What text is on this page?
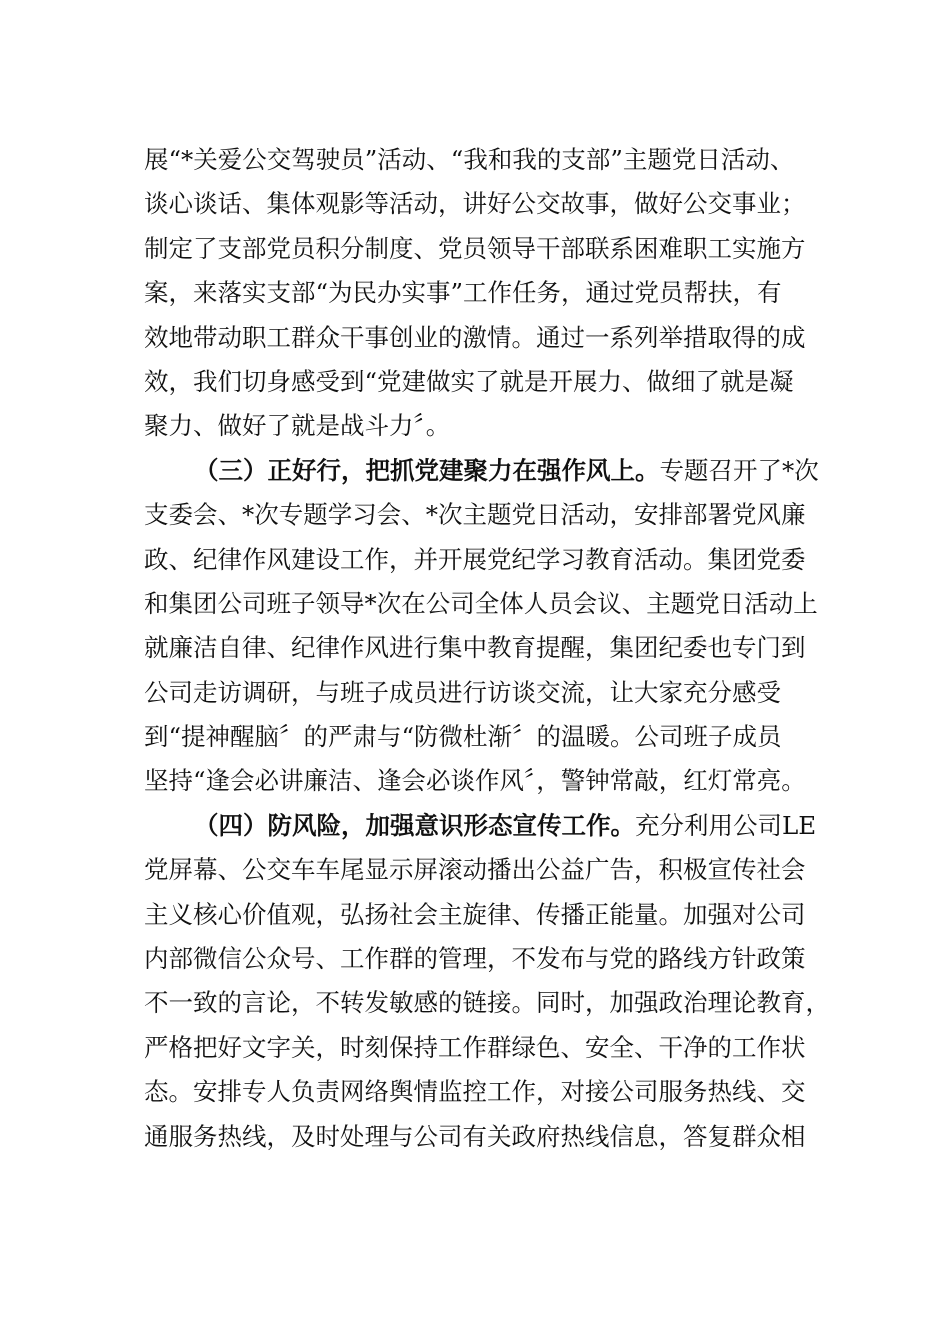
展“*关爱公交驾驶员”活动、“我和我的支部”主题党日活动、
谈心谈话、集体观影等活动，讲好公交故事，做好公交事业；
制定了支部党员积分制度、党员领导干部联系困难职工实施方
案，来落实支部“为民办实事”工作任务，通过党员帮扶，有
效地带动职工群众干事创业的激情。通过一系列举措取得的成
效，我们切身感受到“党建做实了就是开展力、做细了就是凝
聚力、做好了就是战斗力〞。
（三）正好行，把抓党建聚力在强作风上。专题召开了*次
支委会、*次专题学习会、*次主题党日活动，安排部署党风廉
政、纪律作风建设工作，并开展党纪学习教育活动。集团党委
和集团公司班子领导*次在公司全体人员会议、主题党日活动上
就廉洁自律、纪律作风进行集中教育提醒，集团纪委也专门到
公司走访调研，与班子成员进行访谈交流，让大家充分感受
到“提神醒脑〞的严肃与“防微杜渐〞的温暖。公司班子成员
坚持“逢会必讲廉洁、逢会必谈作风〞，警钟常敲，红灯常亮。
（四）防风险，加强意识形态宣传工作。充分利用公司LE
党屏幕、公交车车尾显示屏滚动播出公益广告，积极宣传社会
主义核心价值观，弘扬社会主旋律、传播正能量。加强对公司
内部微信公众号、工作群的管理，不发布与党的路线方针政策
不一致的言论，不转发敏感的链接。同时，加强政治理论教育，
严格把好文字关，时刻保持工作群绿色、安全、干净的工作状
态。安排专人负责网络舆情监控工作，对接公司服务热线、交
通服务热线，及时处理与公司有关政府热线信息，答复群众相
